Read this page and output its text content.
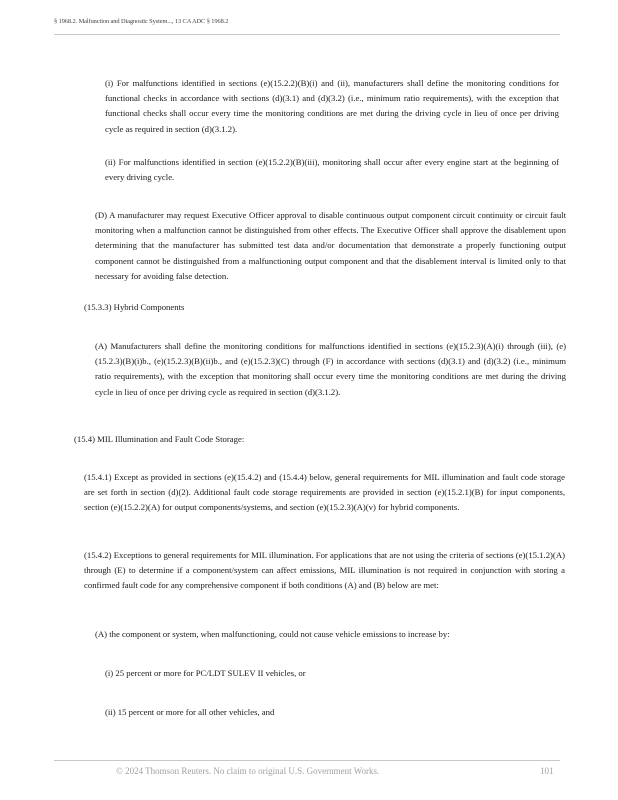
§ 1968.2. Malfunction and Diagnostic System..., 13 CA ADC § 1968.2

(i) For malfunctions identified in sections (e)(15.2.2)(B)(i) and (ii), manufacturers shall define the monitoring conditions for functional checks in accordance with sections (d)(3.1) and (d)(3.2) (i.e., minimum ratio requirements), with the exception that functional checks shall occur every time the monitoring conditions are met during the driving cycle in lieu of once per driving cycle as required in section (d)(3.1.2).

(ii) For malfunctions identified in section (e)(15.2.2)(B)(iii), monitoring shall occur after every engine start at the beginning of every driving cycle.

(D) A manufacturer may request Executive Officer approval to disable continuous output component circuit continuity or circuit fault monitoring when a malfunction cannot be distinguished from other effects. The Executive Officer shall approve the disablement upon determining that the manufacturer has submitted test data and/or documentation that demonstrate a properly functioning output component cannot be distinguished from a malfunctioning output component and that the disablement interval is limited only to that necessary for avoiding false detection.

(15.3.3) Hybrid Components

(A) Manufacturers shall define the monitoring conditions for malfunctions identified in sections (e)(15.2.3)(A)(i) through (iii), (e)(15.2.3)(B)(i)b., (e)(15.2.3)(B)(ii)b., and (e)(15.2.3)(C) through (F) in accordance with sections (d)(3.1) and (d)(3.2) (i.e., minimum ratio requirements), with the exception that monitoring shall occur every time the monitoring conditions are met during the driving cycle in lieu of once per driving cycle as required in section (d)(3.1.2).

(15.4) MIL Illumination and Fault Code Storage:

(15.4.1) Except as provided in sections (e)(15.4.2) and (15.4.4) below, general requirements for MIL illumination and fault code storage are set forth in section (d)(2). Additional fault code storage requirements are provided in section (e)(15.2.1)(B) for input components, section (e)(15.2.2)(A) for output components/systems, and section (e)(15.2.3)(A)(v) for hybrid components.

(15.4.2) Exceptions to general requirements for MIL illumination. For applications that are not using the criteria of sections (e)(15.1.2)(A) through (E) to determine if a component/system can affect emissions, MIL illumination is not required in conjunction with storing a confirmed fault code for any comprehensive component if both conditions (A) and (B) below are met:

(A) the component or system, when malfunctioning, could not cause vehicle emissions to increase by:

(i) 25 percent or more for PC/LDT SULEV II vehicles, or

(ii) 15 percent or more for all other vehicles, and

© 2024 Thomson Reuters. No claim to original U.S. Government Works.	101
